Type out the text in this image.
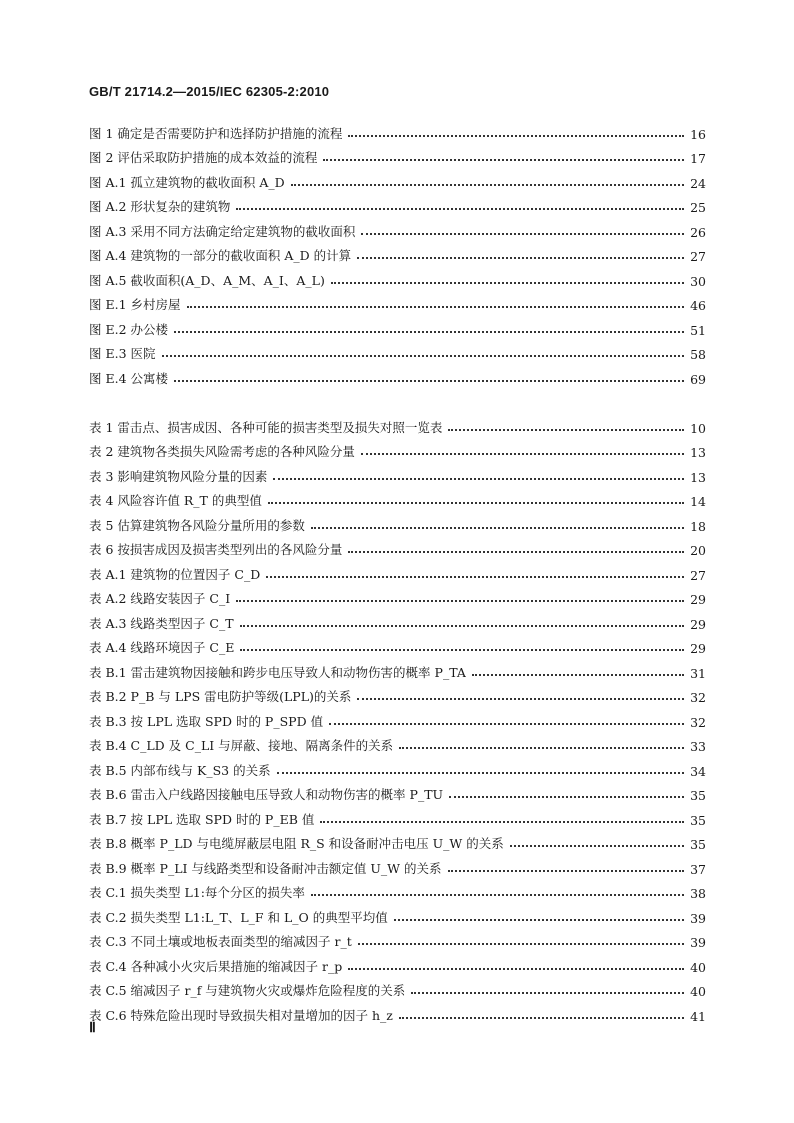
GB/T 21714.2—2015/IEC 62305-2:2010
图 1 确定是否需要防护和选择防护措施的流程	16
图 2 评估采取防护措施的成本效益的流程	17
图 A.1 孤立建筑物的截收面积 A_D	24
图 A.2 形状复杂的建筑物	25
图 A.3 采用不同方法确定给定建筑物的截收面积	26
图 A.4 建筑物的一部分的截收面积 A_D 的计算	27
图 A.5 截收面积(A_D、A_M、A_I、A_L)	30
图 E.1 乡村房屋	46
图 E.2 办公楼	51
图 E.3 医院	58
图 E.4 公寓楼	69
表 1 雷击点、损害成因、各种可能的损害类型及损失对照一览表	10
表 2 建筑物各类损失风险需考虑的各种风险分量	13
表 3 影响建筑物风险分量的因素	13
表 4 风险容许值 R_T 的典型值	14
表 5 估算建筑物各风险分量所用的参数	18
表 6 按损害成因及损害类型列出的各风险分量	20
表 A.1 建筑物的位置因子 C_D	27
表 A.2 线路安装因子 C_I	29
表 A.3 线路类型因子 C_T	29
表 A.4 线路环境因子 C_E	29
表 B.1 雷击建筑物因接触和跨步电压导致人和动物伤害的概率 P_TA	31
表 B.2 P_B 与 LPS 雷电防护等级(LPL)的关系	32
表 B.3 按 LPL 选取 SPD 时的 P_SPD 值	32
表 B.4 C_LD 及 C_LI 与屏蔽、接地、隔离条件的关系	33
表 B.5 内部布线与 K_S3 的关系	34
表 B.6 雷击入户线路因接触电压导致人和动物伤害的概率 P_TU	35
表 B.7 按 LPL 选取 SPD 时的 P_EB 值	35
表 B.8 概率 P_LD 与电缆屏蔽层电阻 R_S 和设备耐冲击电压 U_W 的关系	35
表 B.9 概率 P_LI 与线路类型和设备耐冲击额定值 U_W 的关系	37
表 C.1 损失类型 L1:每个分区的损失率	38
表 C.2 损失类型 L1:L_T、L_F 和 L_O 的典型平均值	39
表 C.3 不同土壤或地板表面类型的缩减因子 r_t	39
表 C.4 各种减小火灾后果措施的缩减因子 r_p	40
表 C.5 缩减因子 r_f 与建筑物火灾或爆炸危险程度的关系	40
表 C.6 特殊危险出现时导致损失相对量增加的因子 h_z	41
Ⅱ
